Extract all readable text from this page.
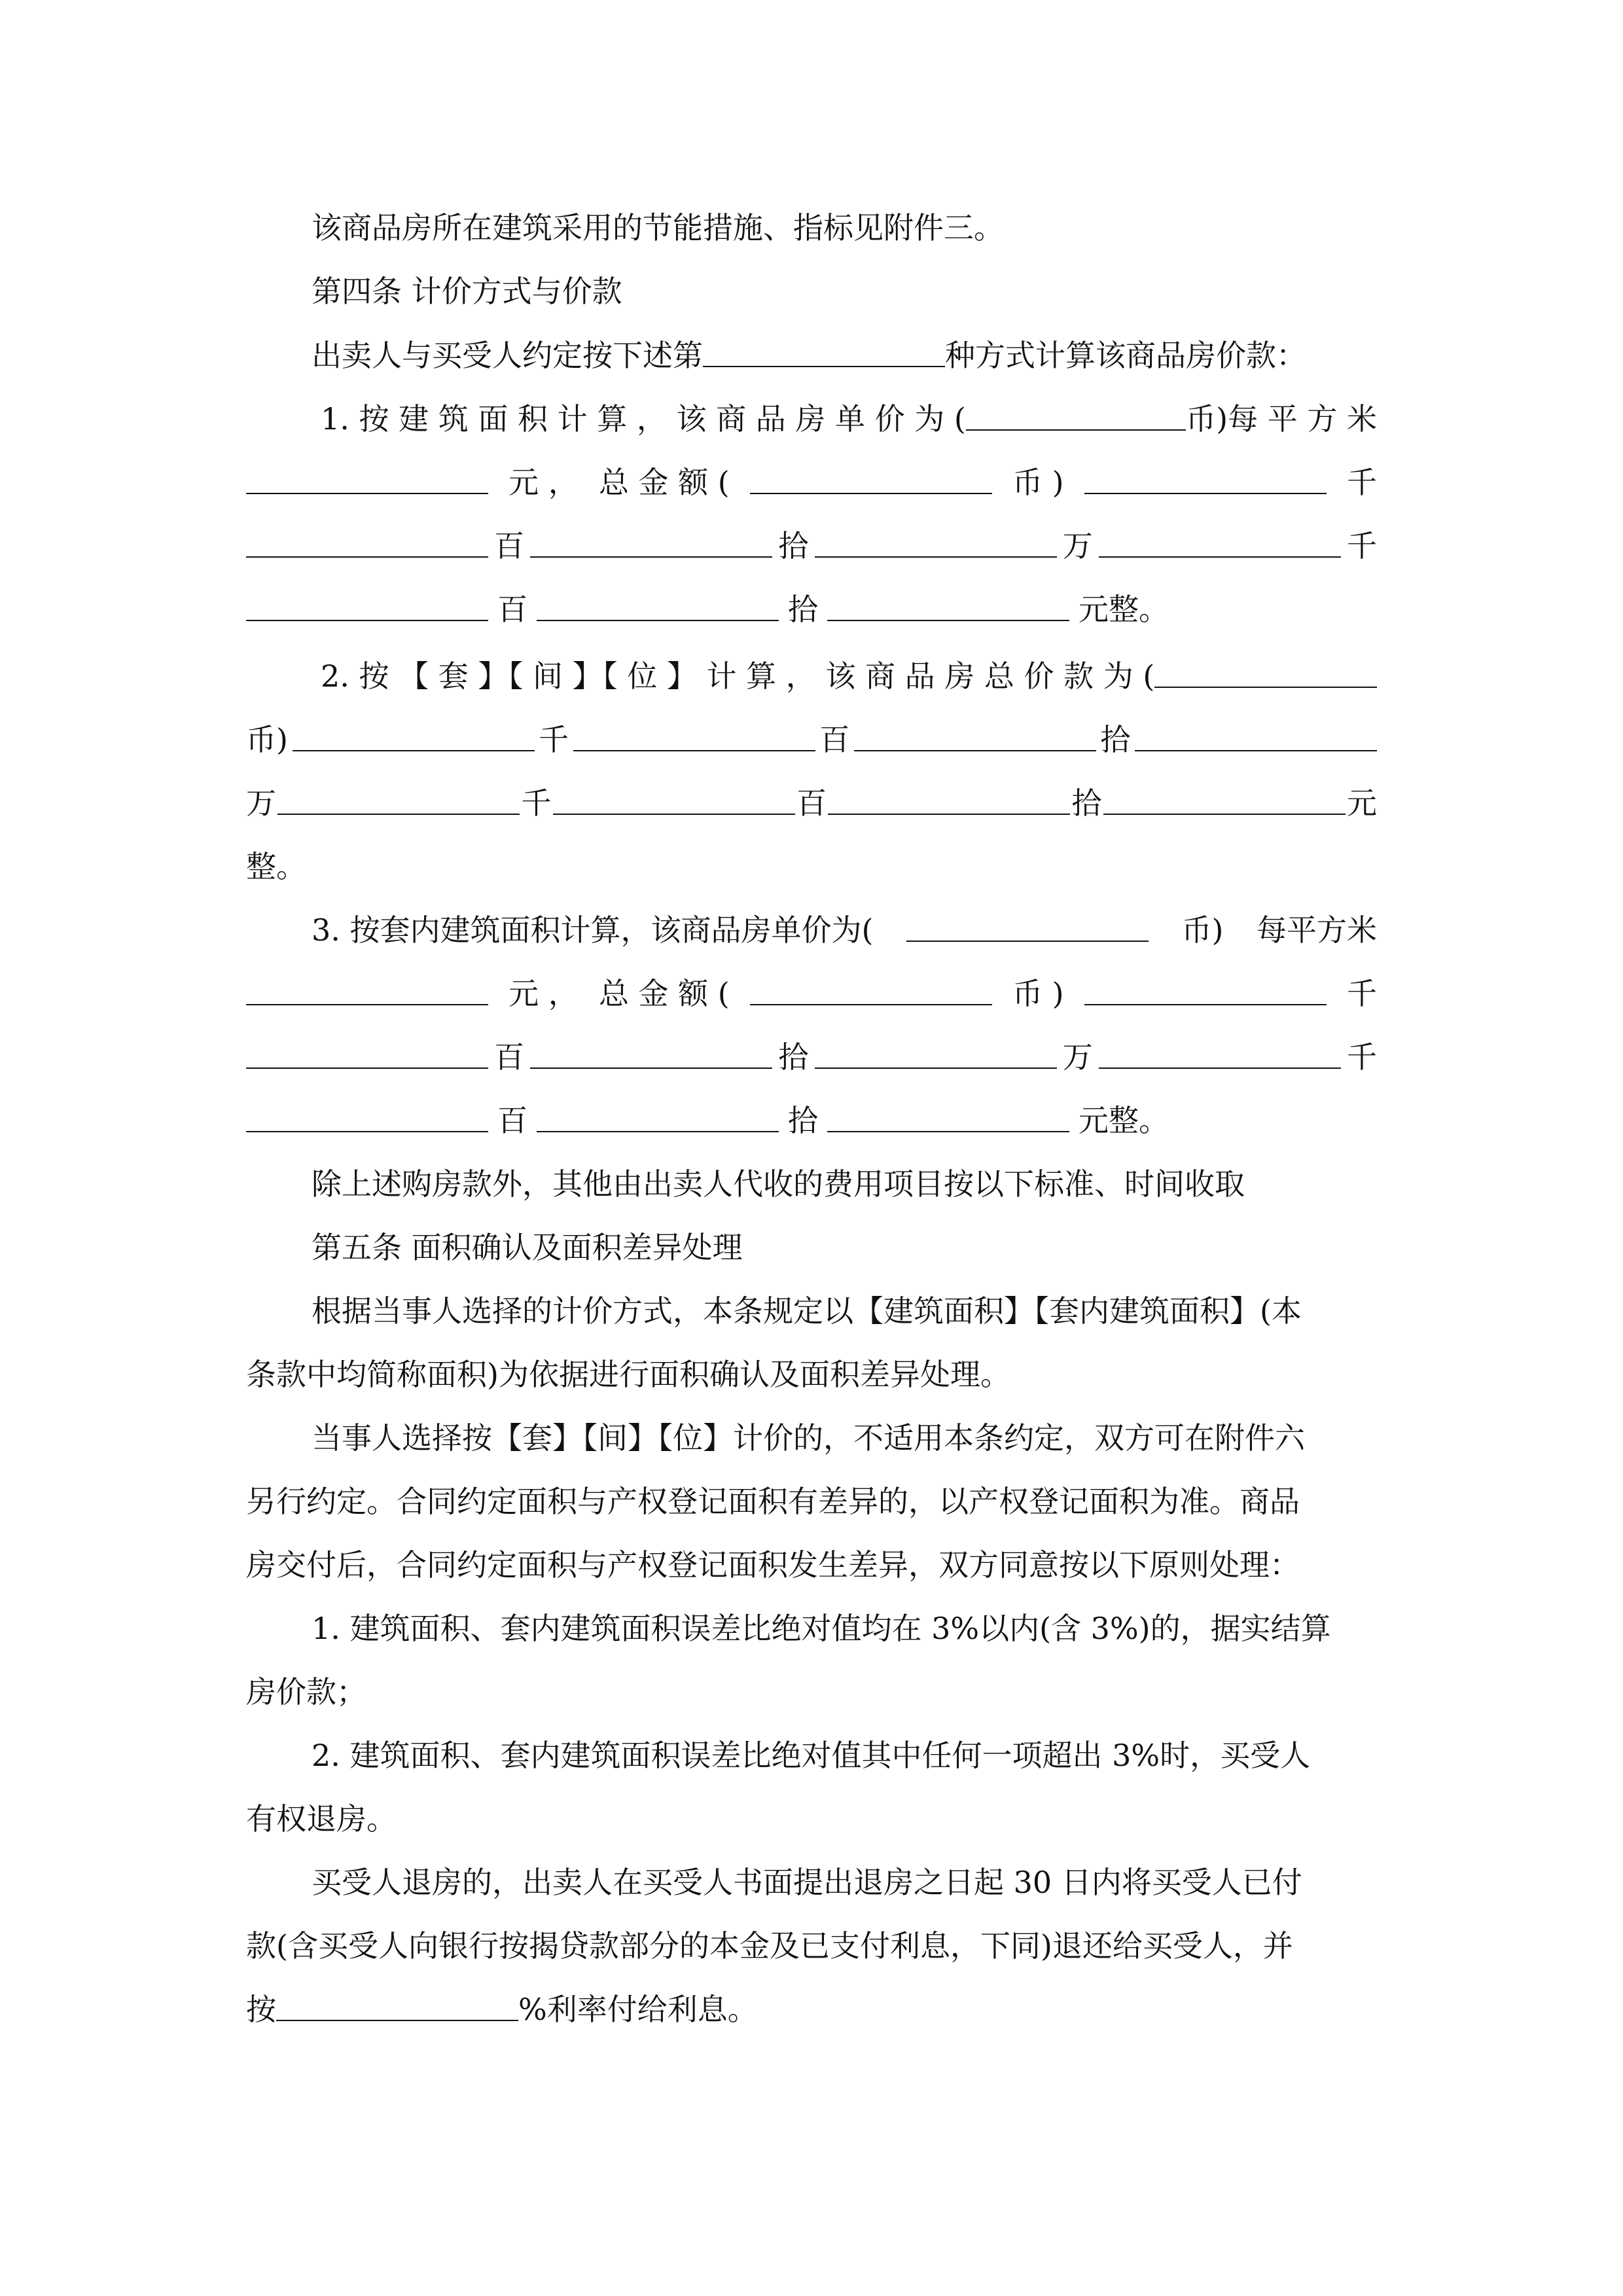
该商品房所在建筑采用的节能措施、指标见附件三。
第四条 计价方式与价款
出卖人与买受人约定按下述第	种方式计算该商品房价款：
1. 按 建 筑 面 积 计 算 ， 该 商 品 房 单 价 为 (	币) 每 平 方 米
元 ， 总 金 额 (	币 )	千
百	拾	万	千
百	拾	元整。
2. 按 【 套 】【 间 】【 位 】 计 算 ， 该 商 品 房 总 价 款 为 (
币)	千	百	拾
万	千	百	拾	元
整。
3. 按套内建筑面积计算，该商品房单价为(	币) 每平方米
元 ， 总 金 额 (	币 )	千
百	拾	万	千
百	拾	元整。
除上述购房款外，其他由出卖人代收的费用项目按以下标准、时间收取
第五条 面积确认及面积差异处理
根据当事人选择的计价方式，本条规定以【建筑面积】【套内建筑面积】(本
条款中均简称面积)为依据进行面积确认及面积差异处理。
当事人选择按【套】【间】【位】计价的，不适用本条约定，双方可在附件六
另行约定。合同约定面积与产权登记面积有差异的，以产权登记面积为准。商品
房交付后，合同约定面积与产权登记面积发生差异，双方同意按以下原则处理：
1. 建筑面积、套内建筑面积误差比绝对值均在 3%以内(含 3%)的，据实结算
房价款；
2. 建筑面积、套内建筑面积误差比绝对值其中任何一项超出 3%时，买受人
有权退房。
买受人退房的，出卖人在买受人书面提出退房之日起 30 日内将买受人已付
款(含买受人向银行按揭贷款部分的本金及已支付利息，下同)退还给买受人，并
按	%利率付给利息。
